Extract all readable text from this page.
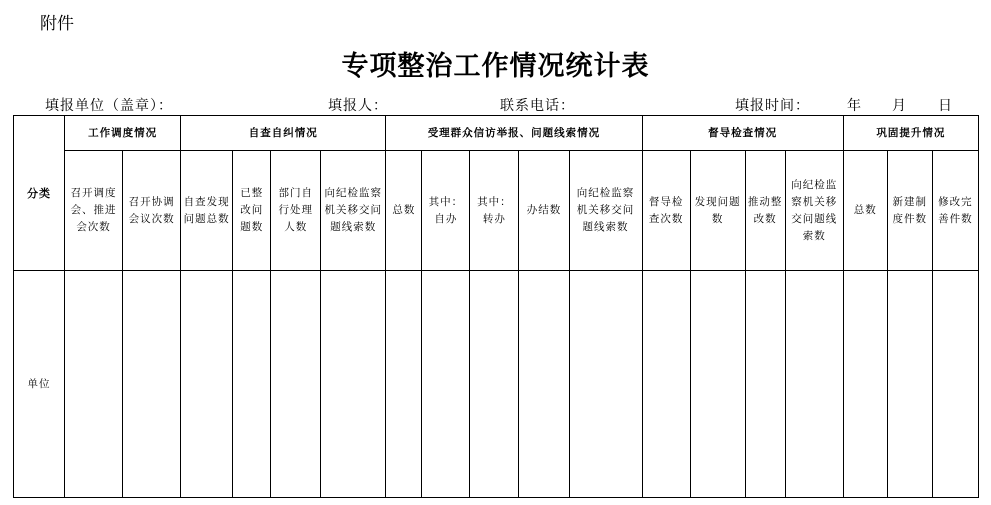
附件
专项整治工作情况统计表
填报单位（盖章）：	填报人：	联系电话：	填报时间：	年 月 日
分类	工作调度情况		自查自纠情况				受理群众信访举报、问题线索情况					督导检查情况				巩固提升情况		
	召开调度会、推进会次数	召开协调会议次数	自查发现问题总数	已整改问题数	部门自行处理人数	向纪检监察机关移交问题线索数	总数	其中：自办	其中：转办	办结数	向纪检监察机关移交问题线索数	督导检查次数	发现问题数	推动整改数	向纪检监察机关移交问题线索数	总数	新建制度件数	修改完善件数
单位																		
